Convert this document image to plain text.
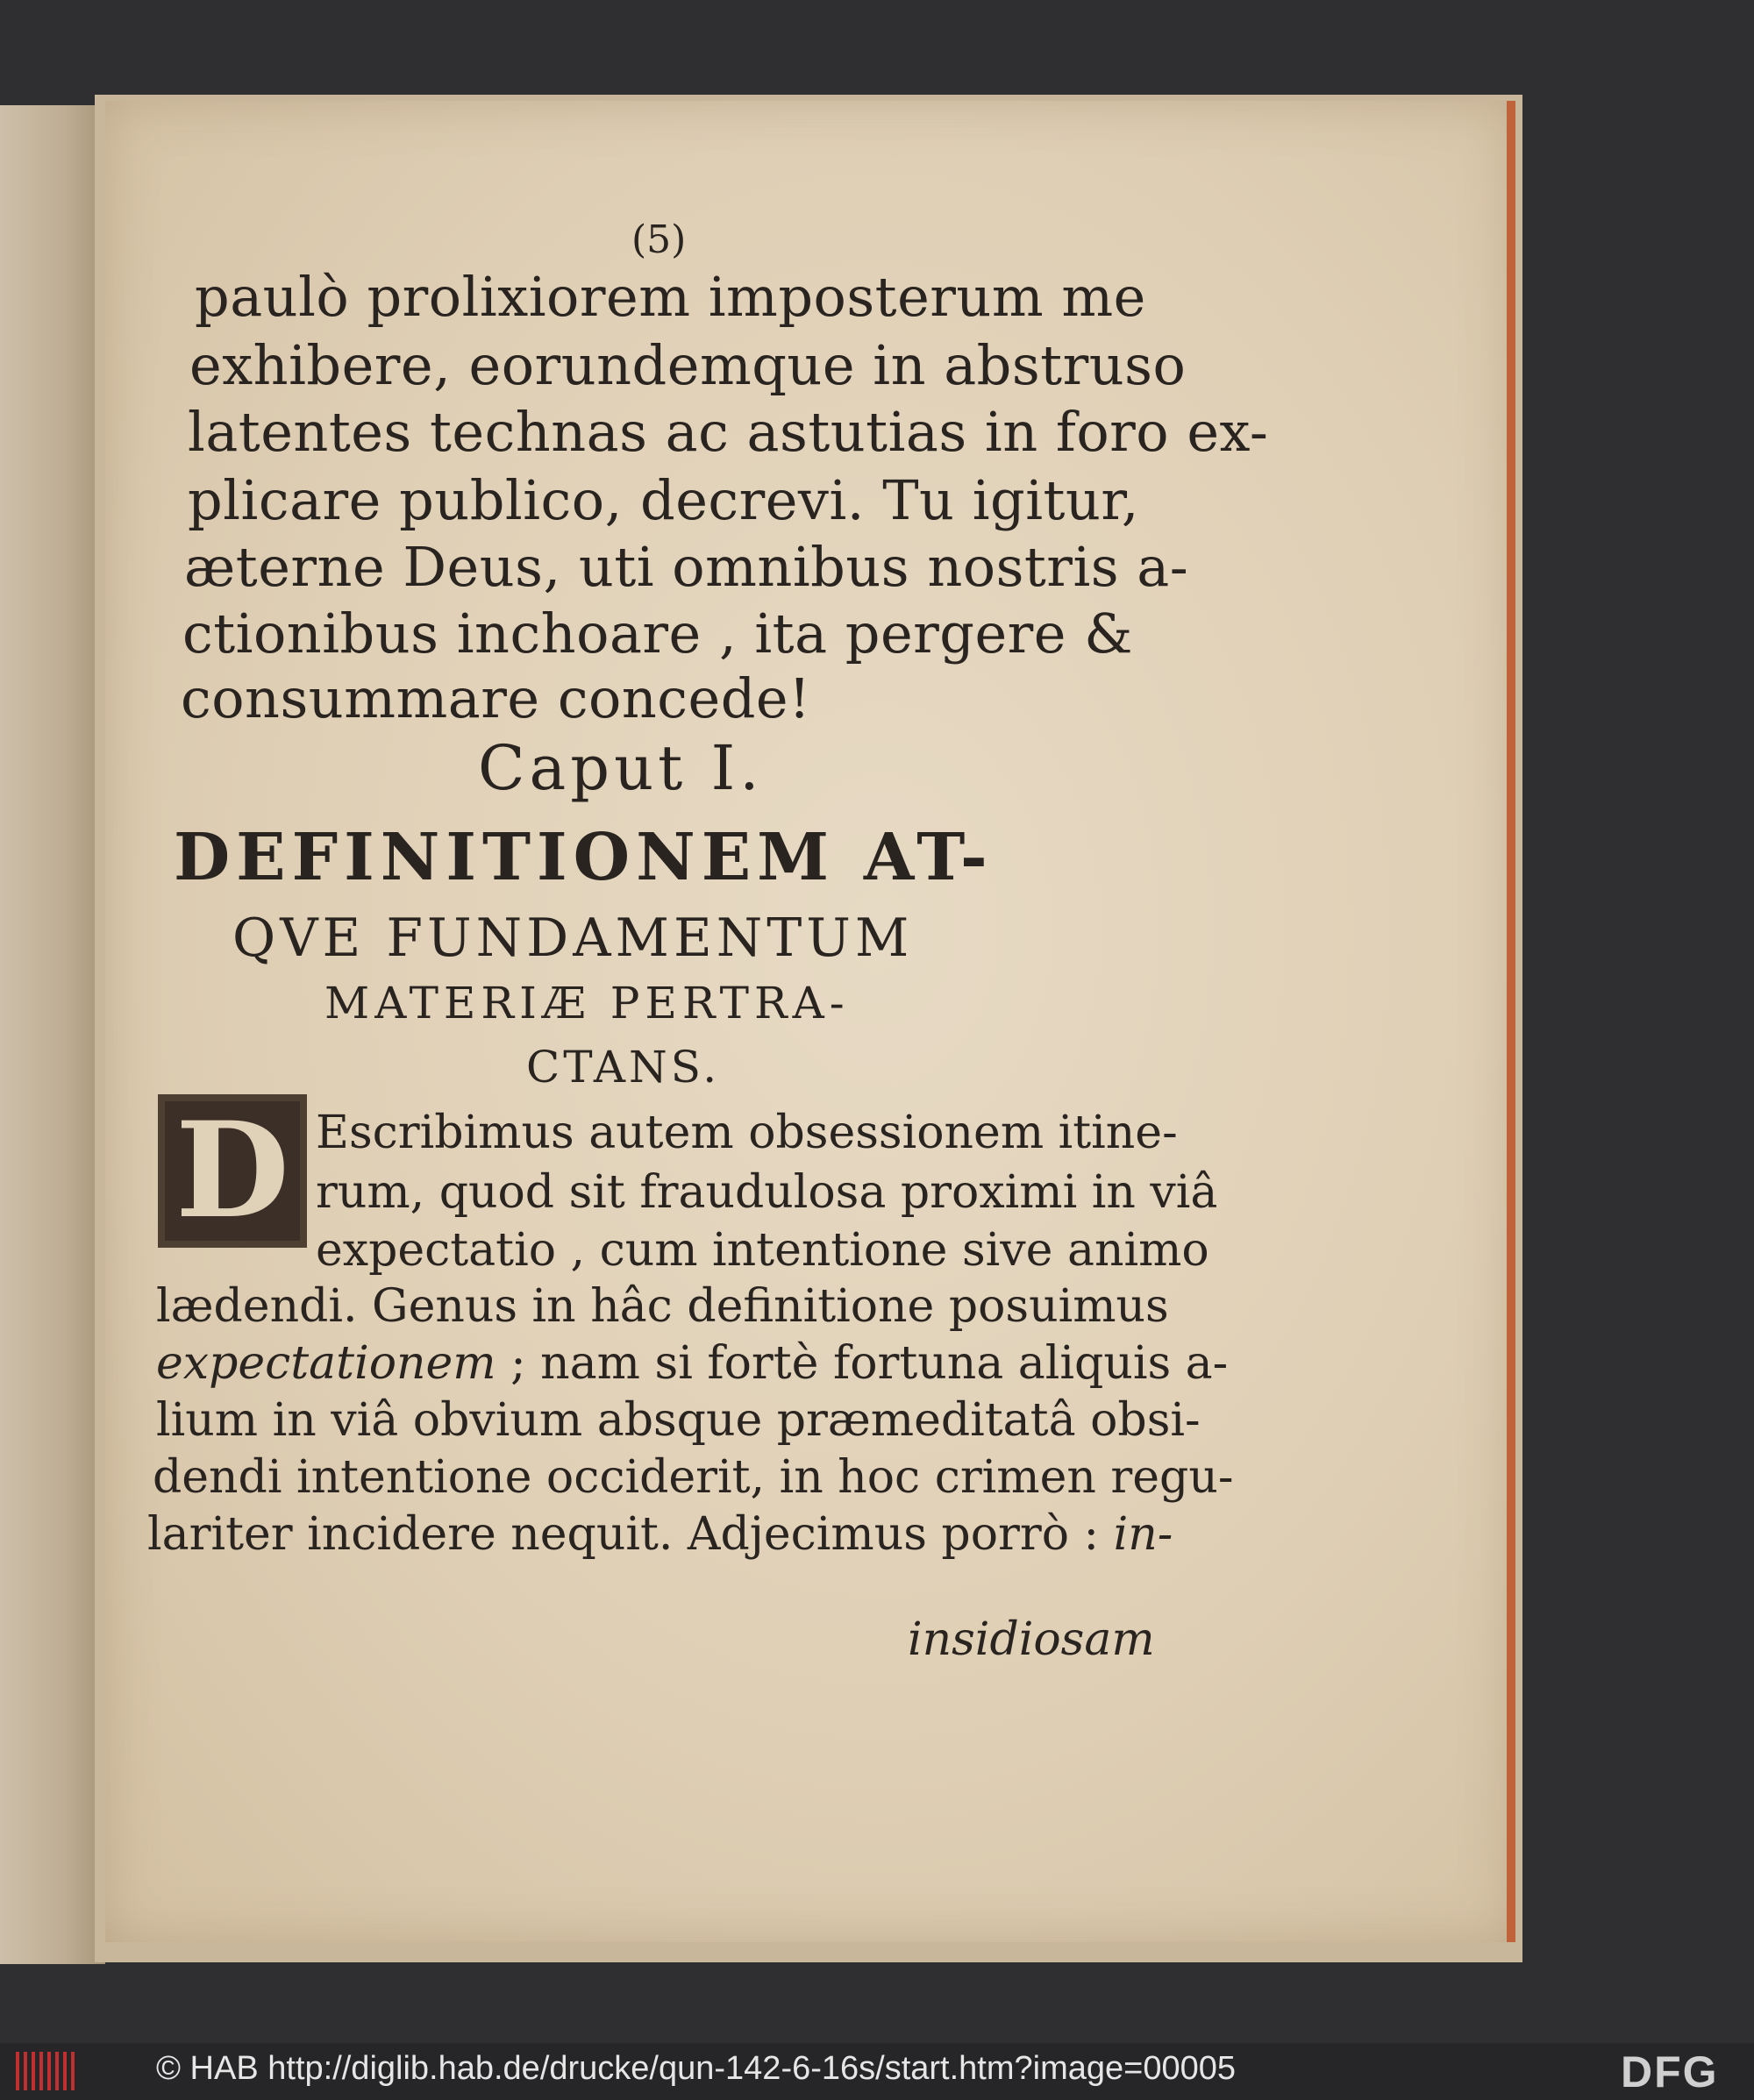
(5)
paulò prolixiorem imposterum me
exhibere, eorundemque in abstruso
latentes technas ac astutias in foro ex-
plicare publico, decrevi. Tu igitur,
æterne Deus, uti omnibus nostris a-
ctionibus inchoare , ita pergere &
consummare concede!
Caput I.
DEFINITIONEM AT-
QVE FUNDAMENTUM
MATERIÆ PERTRA-
CTANS.
D Escribimus autem obsessionem itine-
rum, quod sit fraudulosa proximi in viâ
expectatio , cum intentione sive animo
lædendi. Genus in hâc definitione posuimus
expectationem ; nam si fortè fortuna aliquis a-
lium in viâ obvium absque præmeditatâ obsi-
dendi intentione occiderit, in hoc crimen regu-
lariter incidere nequit. Adjecimus porrò : in-
insidiosam
© HAB http://diglib.hab.de/drucke/qun-142-6-16s/start.htm?image=00005	DFG
